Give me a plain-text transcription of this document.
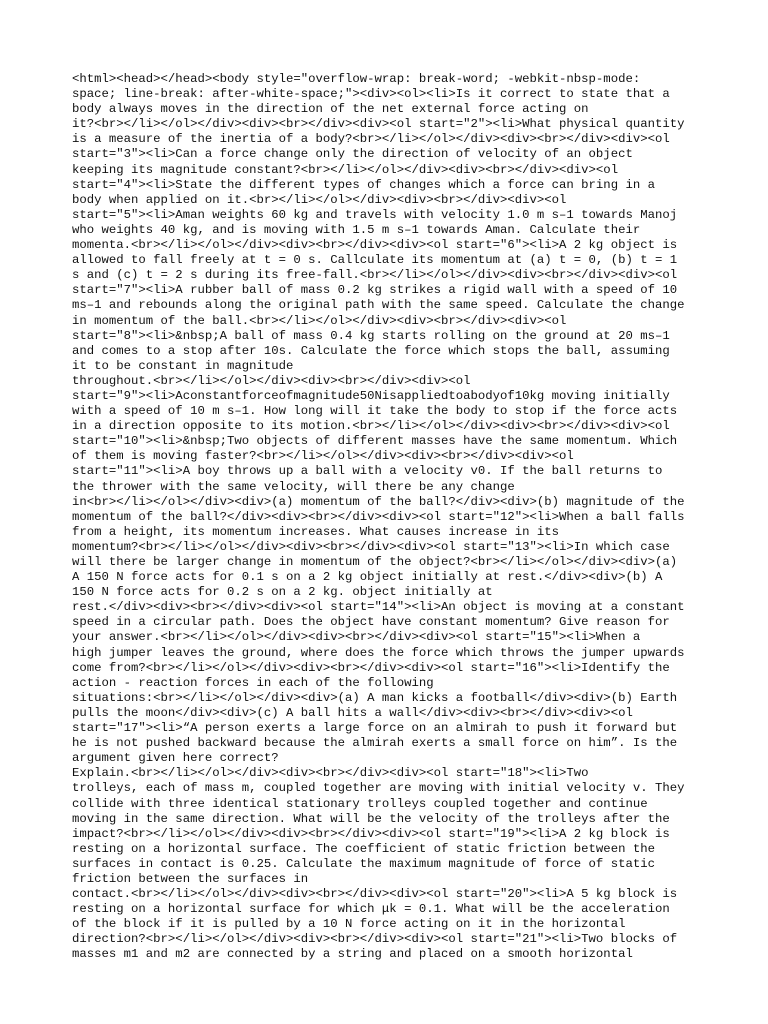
<html><head></head><body style="overflow-wrap: break-word; -webkit-nbsp-mode:
space; line-break: after-white-space;"><div><ol><li>Is it correct to state that a
body always moves in the direction of the net external force acting on
it?<br></li></ol></div><div><br></div><div><ol start="2"><li>What physical quantity
is a measure of the inertia of a body?<br></li></ol></div><div><br></div><div><ol
start="3"><li>Can a force change only the direction of velocity of an object
keeping its magnitude constant?<br></li></ol></div><div><br></div><div><ol
start="4"><li>State the different types of changes which a force can bring in a
body when applied on it.<br></li></ol></div><div><br></div><div><ol
start="5"><li>Aman weights 60 kg and travels with velocity 1.0 m s–1 towards Manoj
who weights 40 kg, and is moving with 1.5 m s–1 towards Aman. Calculate their
momenta.<br></li></ol></div><div><br></div><div><ol start="6"><li>A 2 kg object is
allowed to fall freely at t = 0 s. Callculate its momentum at (a) t = 0, (b) t = 1
s and (c) t = 2 s during its free-fall.<br></li></ol></div><div><br></div><div><ol
start="7"><li>A rubber ball of mass 0.2 kg strikes a rigid wall with a speed of 10
ms–1 and rebounds along the original path with the same speed. Calculate the change
in momentum of the ball.<br></li></ol></div><div><br></div><div><ol
start="8"><li>&nbsp;A ball of mass 0.4 kg starts rolling on the ground at 20 ms–1
and comes to a stop after 10s. Calculate the force which stops the ball, assuming
it to be constant in magnitude
throughout.<br></li></ol></div><div><br></div><div><ol
start="9"><li>Aconstantforceofmagnitude50Nisappliedtoabodyof10kg moving initially
with a speed of 10 m s–1. How long will it take the body to stop if the force acts
in a direction opposite to its motion.<br></li></ol></div><div><br></div><div><ol
start="10"><li>&nbsp;Two objects of different masses have the same momentum. Which
of them is moving faster?<br></li></ol></div><div><br></div><div><ol
start="11"><li>A boy throws up a ball with a velocity v0. If the ball returns to
the thrower with the same velocity, will there be any change
in<br></li></ol></div><div>(a) momentum of the ball?</div><div>(b) magnitude of the
momentum of the ball?</div><div><br></div><div><ol start="12"><li>When a ball falls
from a height, its momentum increases. What causes increase in its
momentum?<br></li></ol></div><div><br></div><div><ol start="13"><li>In which case
will there be larger change in momentum of the object?<br></li></ol></div><div>(a)
A 150 N force acts for 0.1 s on a 2 kg object initially at rest.</div><div>(b) A
150 N force acts for 0.2 s on a 2 kg. object initially at
rest.</div><div><br></div><div><ol start="14"><li>An object is moving at a constant
speed in a circular path. Does the object have constant momentum? Give reason for
your answer.<br></li></ol></div><div><br></div><div><ol start="15"><li>When a
high jumper leaves the ground, where does the force which throws the jumper upwards
come from?<br></li></ol></div><div><br></div><div><ol start="16"><li>Identify the
action - reaction forces in each of the following
situations:<br></li></ol></div><div>(a) A man kicks a football</div><div>(b) Earth
pulls the moon</div><div>(c) A ball hits a wall</div><div><br></div><div><ol
start="17"><li>“A person exerts a large force on an almirah to push it forward but
he is not pushed backward because the almirah exerts a small force on him”. Is the
argument given here correct?
Explain.<br></li></ol></div><div><br></div><div><ol start="18"><li>Two
trolleys, each of mass m, coupled together are moving with initial velocity v. They
collide with three identical stationary trolleys coupled together and continue
moving in the same direction. What will be the velocity of the trolleys after the
impact?<br></li></ol></div><div><br></div><div><ol start="19"><li>A 2 kg block is
resting on a horizontal surface. The coefficient of static friction between the
surfaces in contact is 0.25. Calculate the maximum magnitude of force of static
friction between the surfaces in
contact.<br></li></ol></div><div><br></div><div><ol start="20"><li>A 5 kg block is
resting on a horizontal surface for which μk = 0.1. What will be the acceleration
of the block if it is pulled by a 10 N force acting on it in the horizontal
direction?<br></li></ol></div><div><br></div><div><ol start="21"><li>Two blocks of
masses m1 and m2 are connected by a string and placed on a smooth horizontal
